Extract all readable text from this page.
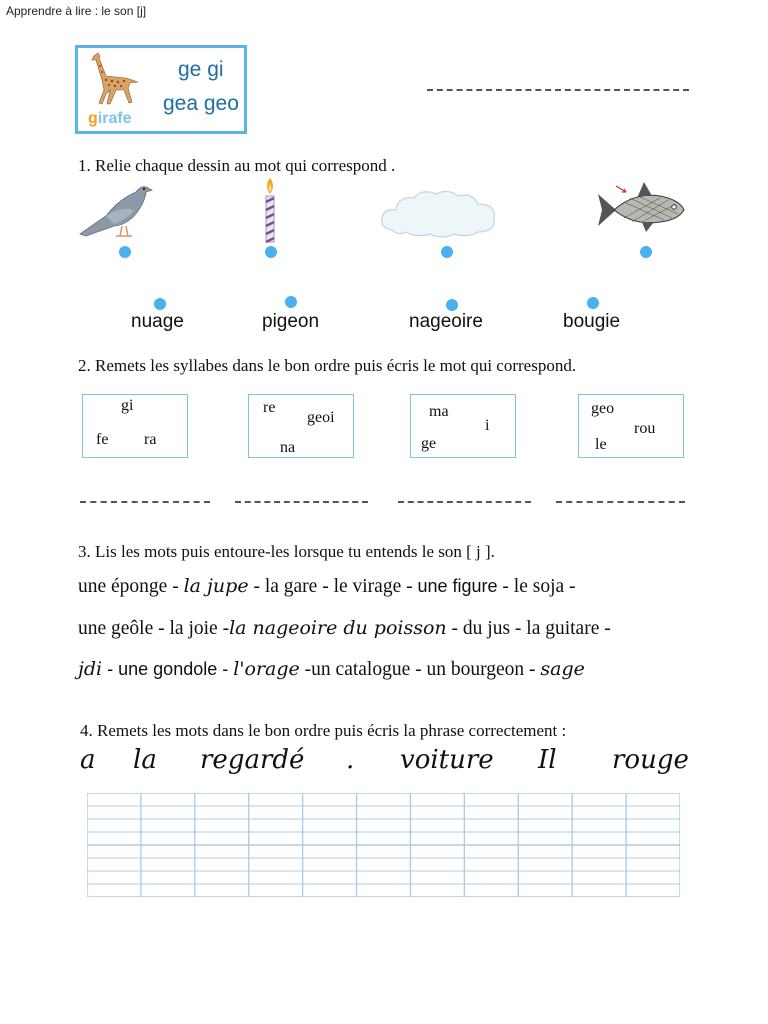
Apprendre à lire : le son [j]
girafe
ge gi
gea geo
1. Relie chaque dessin au mot qui correspond .
nuage	pigeon	nageoire	bougie
2. Remets les syllabes dans le bon ordre puis écris le mot qui correspond.
gi
fe ra
re
geoi
na
ma
i
ge
geo
rou
le
3. Lis les mots puis entoure-les lorsque tu entends le son [ j ].
une éponge - la jupe - la gare - le virage - une figure - le soja -
une geôle - la joie -la nageoire du poisson - du jus - la guitare -
jdi - une gondole - l'orage -un catalogue - un bourgeon - sage
4. Remets les mots dans le bon ordre puis écris la phrase correctement :
a la regardé . voiture Il rouge
